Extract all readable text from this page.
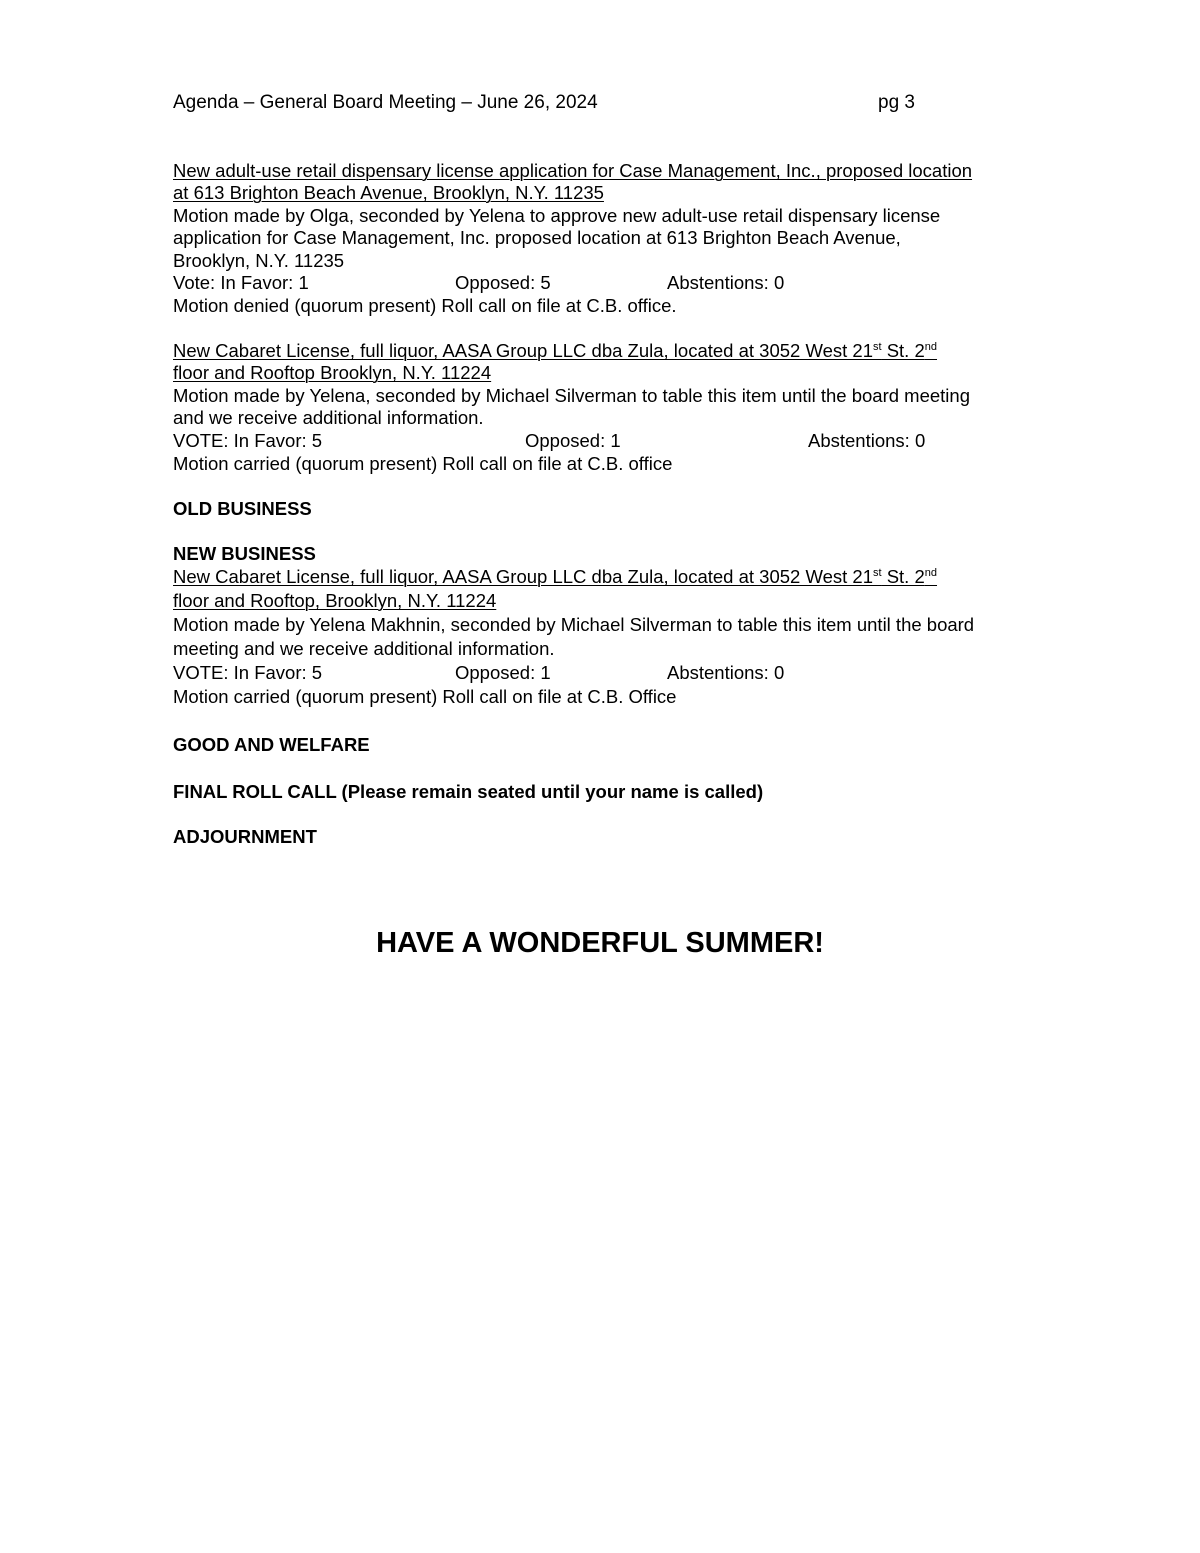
Agenda – General Board Meeting – June 26, 2024	pg 3
New adult-use retail dispensary license application for Case Management, Inc., proposed location
at 613 Brighton Beach Avenue, Brooklyn, N.Y. 11235
Motion made by Olga, seconded by Yelena to approve new adult-use retail dispensary license
application for Case Management, Inc. proposed location at 613 Brighton Beach Avenue,
Brooklyn, N.Y. 11235
Vote: In Favor: 1	Opposed: 5	Abstentions: 0
Motion denied (quorum present) Roll call on file at C.B. office.
New Cabaret License, full liquor, AASA Group LLC dba Zula, located at 3052 West 21st St. 2nd
floor and Rooftop Brooklyn, N.Y. 11224
Motion made by Yelena, seconded by Michael Silverman to table this item until the board meeting
and we receive additional information.
VOTE: In Favor: 5	Opposed: 1	Abstentions: 0
Motion carried (quorum present) Roll call on file at C.B. office
OLD BUSINESS
NEW BUSINESS
New Cabaret License, full liquor, AASA Group LLC dba Zula, located at 3052 West 21st St. 2nd
floor and Rooftop, Brooklyn, N.Y. 11224
Motion made by Yelena Makhnin, seconded by Michael Silverman to table this item until the board
meeting and we receive additional information.
VOTE: In Favor: 5	Opposed: 1	Abstentions: 0
Motion carried (quorum present) Roll call on file at C.B. Office
GOOD AND WELFARE
FINAL ROLL CALL (Please remain seated until your name is called)
ADJOURNMENT
HAVE A WONDERFUL SUMMER!
